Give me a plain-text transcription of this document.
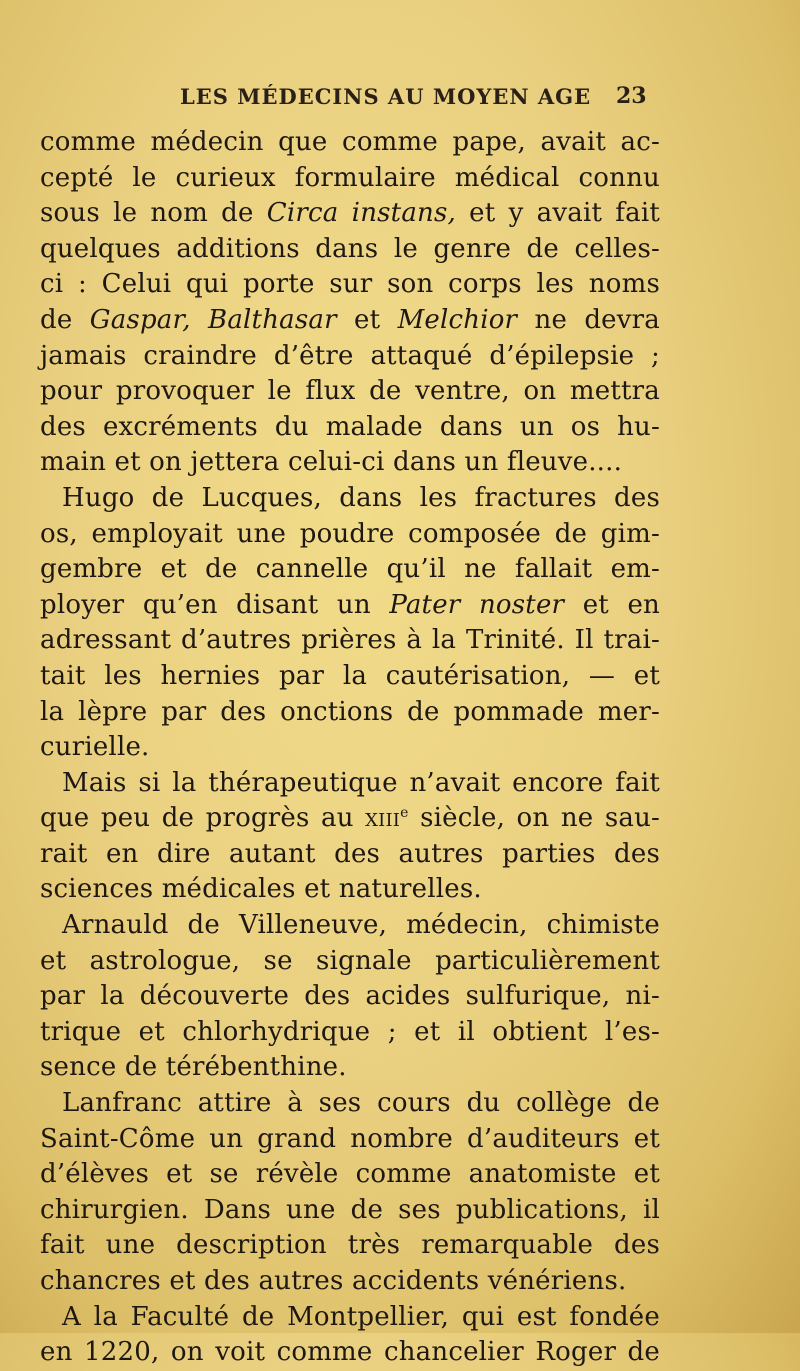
LES MÉDECINS AU MOYEN AGE 23
comme médecin que comme pape, avait ac-
cepté le curieux formulaire médical connu
sous le nom de Circa instans, et y avait fait
quelques additions dans le genre de celles-
ci : Celui qui porte sur son corps les noms
de Gaspar, Balthasar et Melchior ne devra
jamais craindre d’être attaqué d’épilepsie ;
pour provoquer le flux de ventre, on mettra
des excréments du malade dans un os hu-
main et on jettera celui-ci dans un fleuve....
Hugo de Lucques, dans les fractures des
os, employait une poudre composée de gim-
gembre et de cannelle qu’il ne fallait em-
ployer qu’en disant un Pater noster et en
adressant d’autres prières à la Trinité. Il trai-
tait les hernies par la cautérisation, — et
la lèpre par des onctions de pommade mer-
curielle.
Mais si la thérapeutique n’avait encore fait
que peu de progrès au xiii$^e$ siècle, on ne sau-
rait en dire autant des autres parties des
sciences médicales et naturelles.
Arnauld de Villeneuve, médecin, chimiste
et astrologue, se signale particulièrement
par la découverte des acides sulfurique, ni-
trique et chlorhydrique ; et il obtient l’es-
sence de térébenthine.
Lanfranc attire à ses cours du collège de
Saint-Côme un grand nombre d’auditeurs et
d’élèves et se révèle comme anatomiste et
chirurgien. Dans une de ses publications, il
fait une description très remarquable des
chancres et des autres accidents vénériens.
A la Faculté de Montpellier, qui est fondée
en 1220, on voit comme chancelier Roger de
